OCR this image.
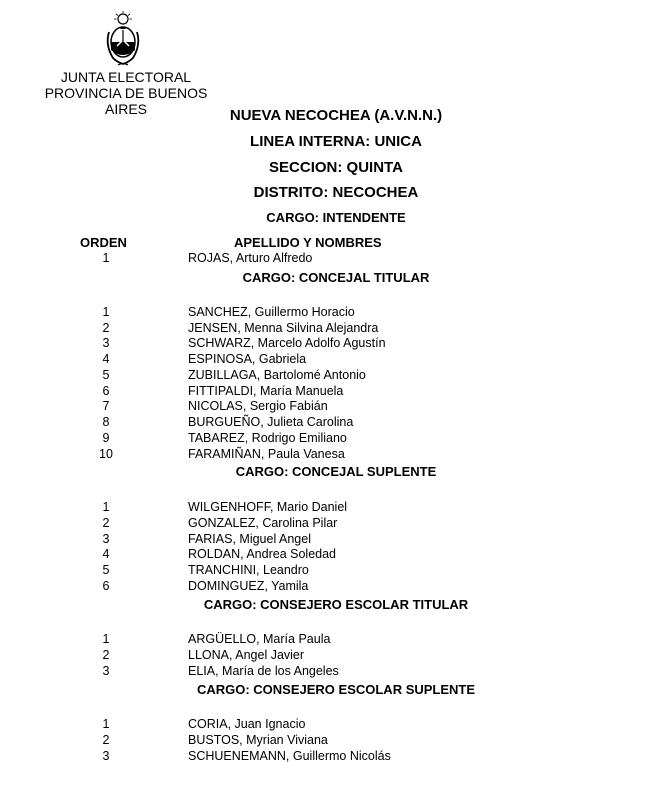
JUNTA ELECTORAL
PROVINCIA DE BUENOS AIRES	NUEVA NECOCHEA (A.V.N.N.)
LINEA INTERNA: UNICA
SECCION: QUINTA
DISTRITO: NECOCHEA
CARGO: INTENDENTE
ORDEN	APELLIDO Y NOMBRES
1	ROJAS, Arturo Alfredo
CARGO: CONCEJAL TITULAR
1	SANCHEZ, Guillermo Horacio
2	JENSEN, Menna Silvina Alejandra
3	SCHWARZ, Marcelo Adolfo Agustín
4	ESPINOSA, Gabriela
5	ZUBILLAGA, Bartolomé Antonio
6	FITTIPALDI, María Manuela
7	NICOLAS, Sergio Fabián
8	BURGUEÑO, Julieta Carolina
9	TABAREZ, Rodrigo Emiliano
10	FARAMIÑAN, Paula Vanesa
CARGO: CONCEJAL SUPLENTE
1	WILGENHOFF, Mario Daniel
2	GONZALEZ, Carolina Pilar
3	FARIAS, Miguel Angel
4	ROLDAN, Andrea Soledad
5	TRANCHINI, Leandro
6	DOMINGUEZ, Yamila
CARGO: CONSEJERO ESCOLAR TITULAR
1	ARGÜELLO, María Paula
2	LLONA, Angel Javier
3	ELIA, María de los Angeles
CARGO: CONSEJERO ESCOLAR SUPLENTE
1	CORIA, Juan Ignacio
2	BUSTOS, Myrian Viviana
3	SCHUENEMANN, Guillermo Nicolás
